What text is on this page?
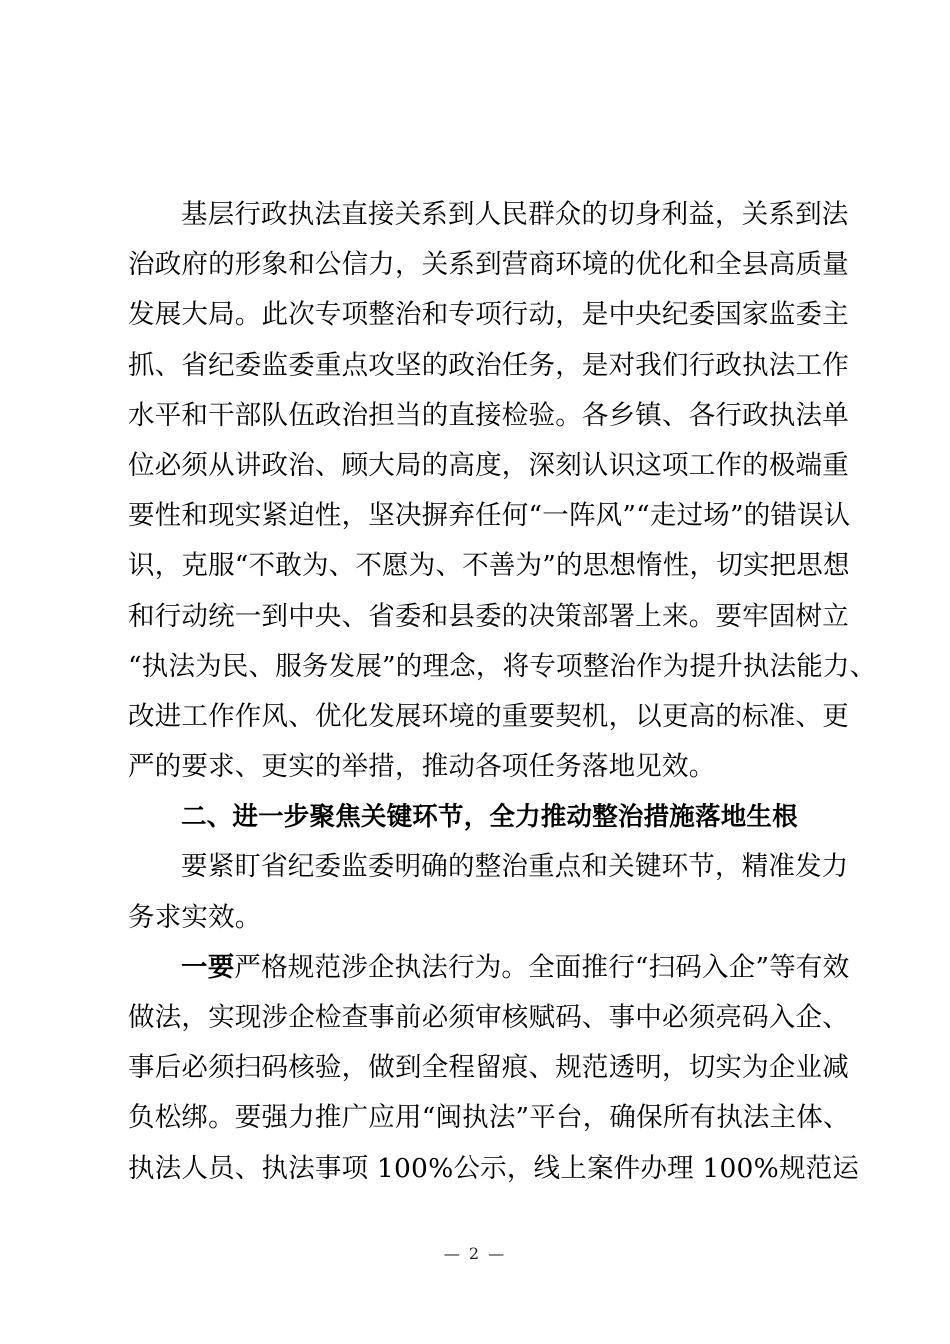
基层行政执法直接关系到人民群众的切身利益，关系到法
治政府的形象和公信力，关系到营商环境的优化和全县高质量
发展大局。此次专项整治和专项行动，是中央纪委国家监委主
抓、省纪委监委重点攻坚的政治任务，是对我们行政执法工作
水平和干部队伍政治担当的直接检验。各乡镇、各行政执法单
位必须从讲政治、顾大局的高度，深刻认识这项工作的极端重
要性和现实紧迫性，坚决摒弃任何“一阵风”“走过场”的错误认
识，克服“不敢为、不愿为、不善为”的思想惰性，切实把思想
和行动统一到中央、省委和县委的决策部署上来。要牢固树立
“执法为民、服务发展”的理念，将专项整治作为提升执法能力、
改进工作作风、优化发展环境的重要契机，以更高的标准、更
严的要求、更实的举措，推动各项任务落地见效。
二、进一步聚焦关键环节，全力推动整治措施落地生根
要紧盯省纪委监委明确的整治重点和关键环节，精准发力
务求实效。
一要严格规范涉企执法行为。全面推行“扫码入企”等有效
做法，实现涉企检查事前必须审核赋码、事中必须亮码入企、
事后必须扫码核验，做到全程留痕、规范透明，切实为企业减
负松绑。要强力推广应用“闽执法”平台，确保所有执法主体、
执法人员、执法事项 100%公示，线上案件办理 100%规范运
— 2 —
